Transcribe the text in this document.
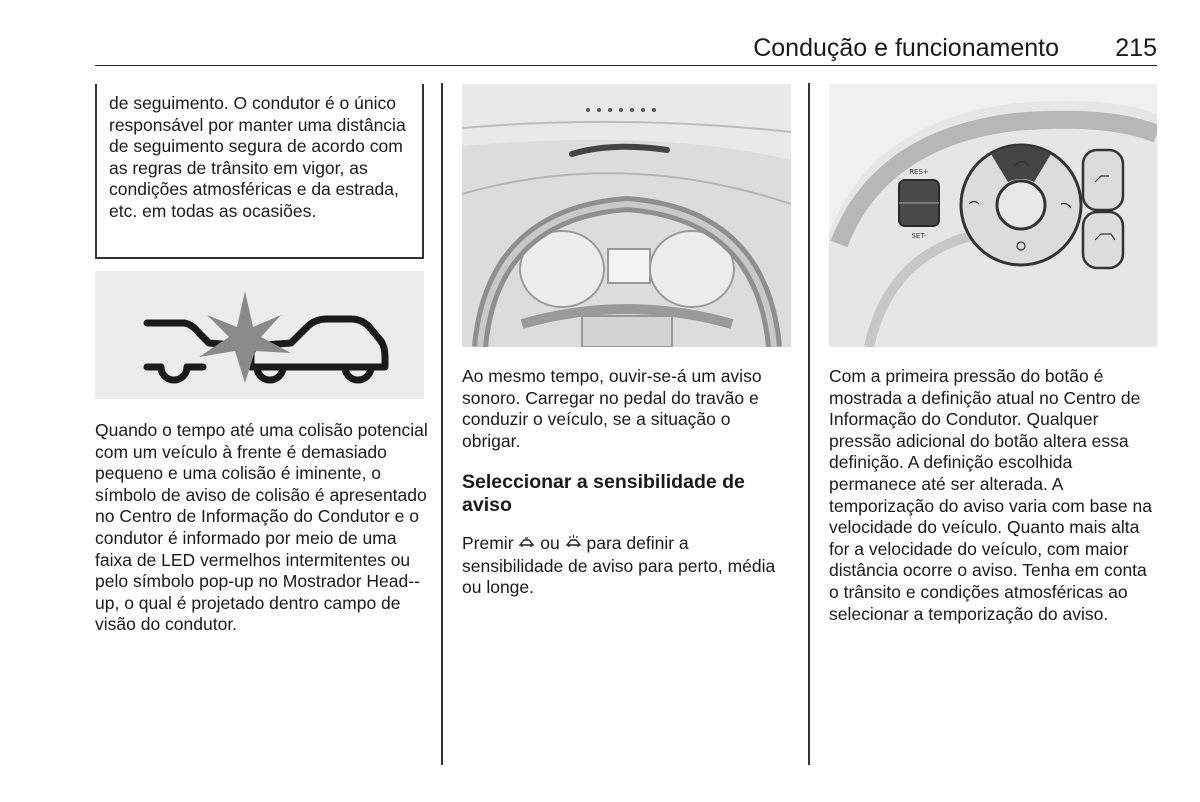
Condução e funcionamento 215

de seguimento. O condutor é o único responsável por manter uma distância de seguimento segura de acordo com as regras de trânsito em vigor, as condições atmosféricas e da estrada, etc. em todas as ocasiões.

Quando o tempo até uma colisão potencial com um veículo à frente é demasiado pequeno e uma colisão é iminente, o símbolo de aviso de colisão é apresentado no Centro de Informação do Condutor e o condutor é informado por meio de uma faixa de LED vermelhos intermitentes ou pelo símbolo pop-up no Mostrador Head--up, o qual é projetado dentro campo de visão do condutor.
Ao mesmo tempo, ouvir-se-á um aviso sonoro. Carregar no pedal do travão e conduzir o veículo, se a situação o obrigar.
Seleccionar a sensibilidade de aviso
Premir ou para definir a sensibilidade de aviso para perto, média ou longe.
RES+
SET-
Com a primeira pressão do botão é mostrada a definição atual no Centro de Informação do Condutor. Qualquer pressão adicional do botão altera essa definição. A definição escolhida permanece até ser alterada. A temporização do aviso varia com base na velocidade do veículo. Quanto mais alta for a velocidade do veículo, com maior distância ocorre o aviso. Tenha em conta o trânsito e condições atmosféricas ao selecionar a temporização do aviso.
